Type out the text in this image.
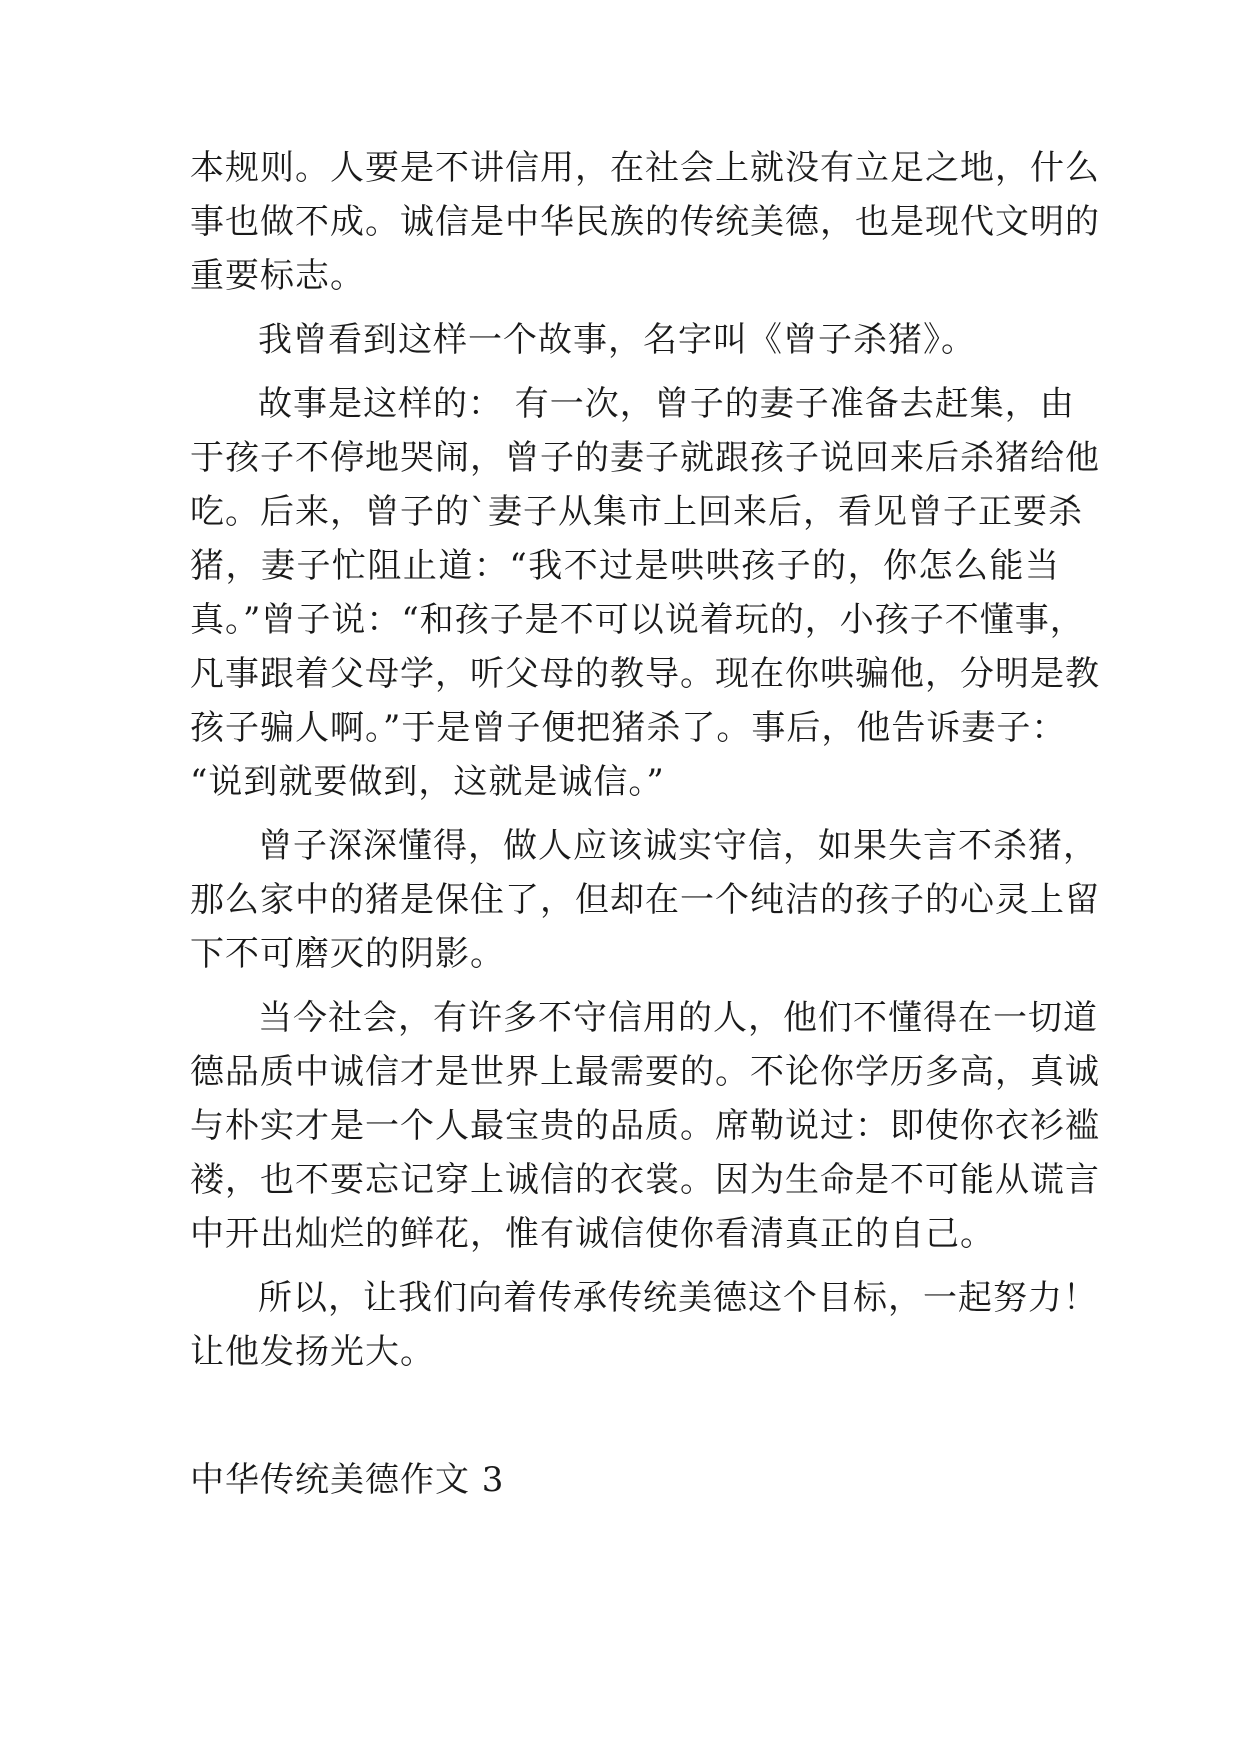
本规则。人要是不讲信用，在社会上就没有立足之地，什么
事也做不成。诚信是中华民族的传统美德，也是现代文明的
重要标志。
我曾看到这样一个故事，名字叫《曾子杀猪》。
故事是这样的： 有一次，曾子的妻子准备去赶集，由
于孩子不停地哭闹，曾子的妻子就跟孩子说回来后杀猪给他
吃。后来，曾子的`妻子从集市上回来后，看见曾子正要杀
猪，妻子忙阻止道：“我不过是哄哄孩子的，你怎么能当
真。”曾子说：“和孩子是不可以说着玩的，小孩子不懂事，
凡事跟着父母学，听父母的教导。现在你哄骗他，分明是教
孩子骗人啊。”于是曾子便把猪杀了。事后，他告诉妻子：
“说到就要做到，这就是诚信。”
曾子深深懂得，做人应该诚实守信，如果失言不杀猪，
那么家中的猪是保住了，但却在一个纯洁的孩子的心灵上留
下不可磨灭的阴影。
当今社会，有许多不守信用的人，他们不懂得在一切道
德品质中诚信才是世界上最需要的。不论你学历多高，真诚
与朴实才是一个人最宝贵的品质。席勒说过：即使你衣衫褴
褛，也不要忘记穿上诚信的衣裳。因为生命是不可能从谎言
中开出灿烂的鲜花，惟有诚信使你看清真正的自己。
所以，让我们向着传承传统美德这个目标，一起努力！
让他发扬光大。
中华传统美德作文 3
